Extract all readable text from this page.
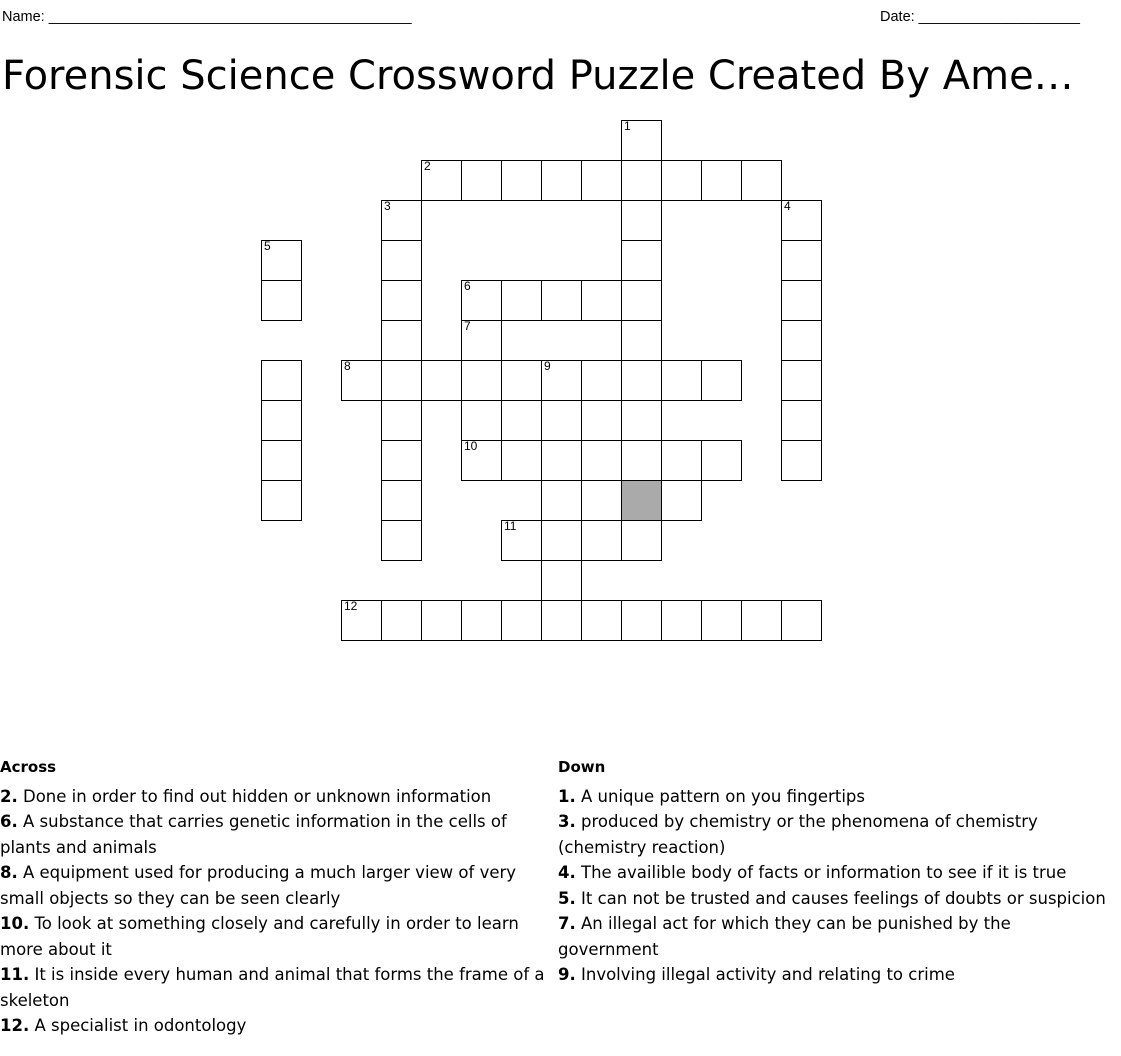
Name: _____________________________________________	Date: ____________________
Forensic Science Crossword Puzzle Created By Ame…
1
2
3	4
5
6
7
8	9
10
11
12
Across

2. Done in order to find out hidden or unknown information

6. A substance that carries genetic information in the cells of plants and animals

8. A equipment used for producing a much larger view of very small objects so they can be seen clearly

10. To look at something closely and carefully in order to learn more about it

11. It is inside every human and animal that forms the frame of a skeleton

12. A specialist in odontology

Down

1. A unique pattern on you fingertips

3. produced by chemistry or the phenomena of chemistry (chemistry reaction)

4. The availible body of facts or information to see if it is true

5. It can not be trusted and causes feelings of doubts or suspicion

7. An illegal act for which they can be punished by the government

9. Involving illegal activity and relating to crime
